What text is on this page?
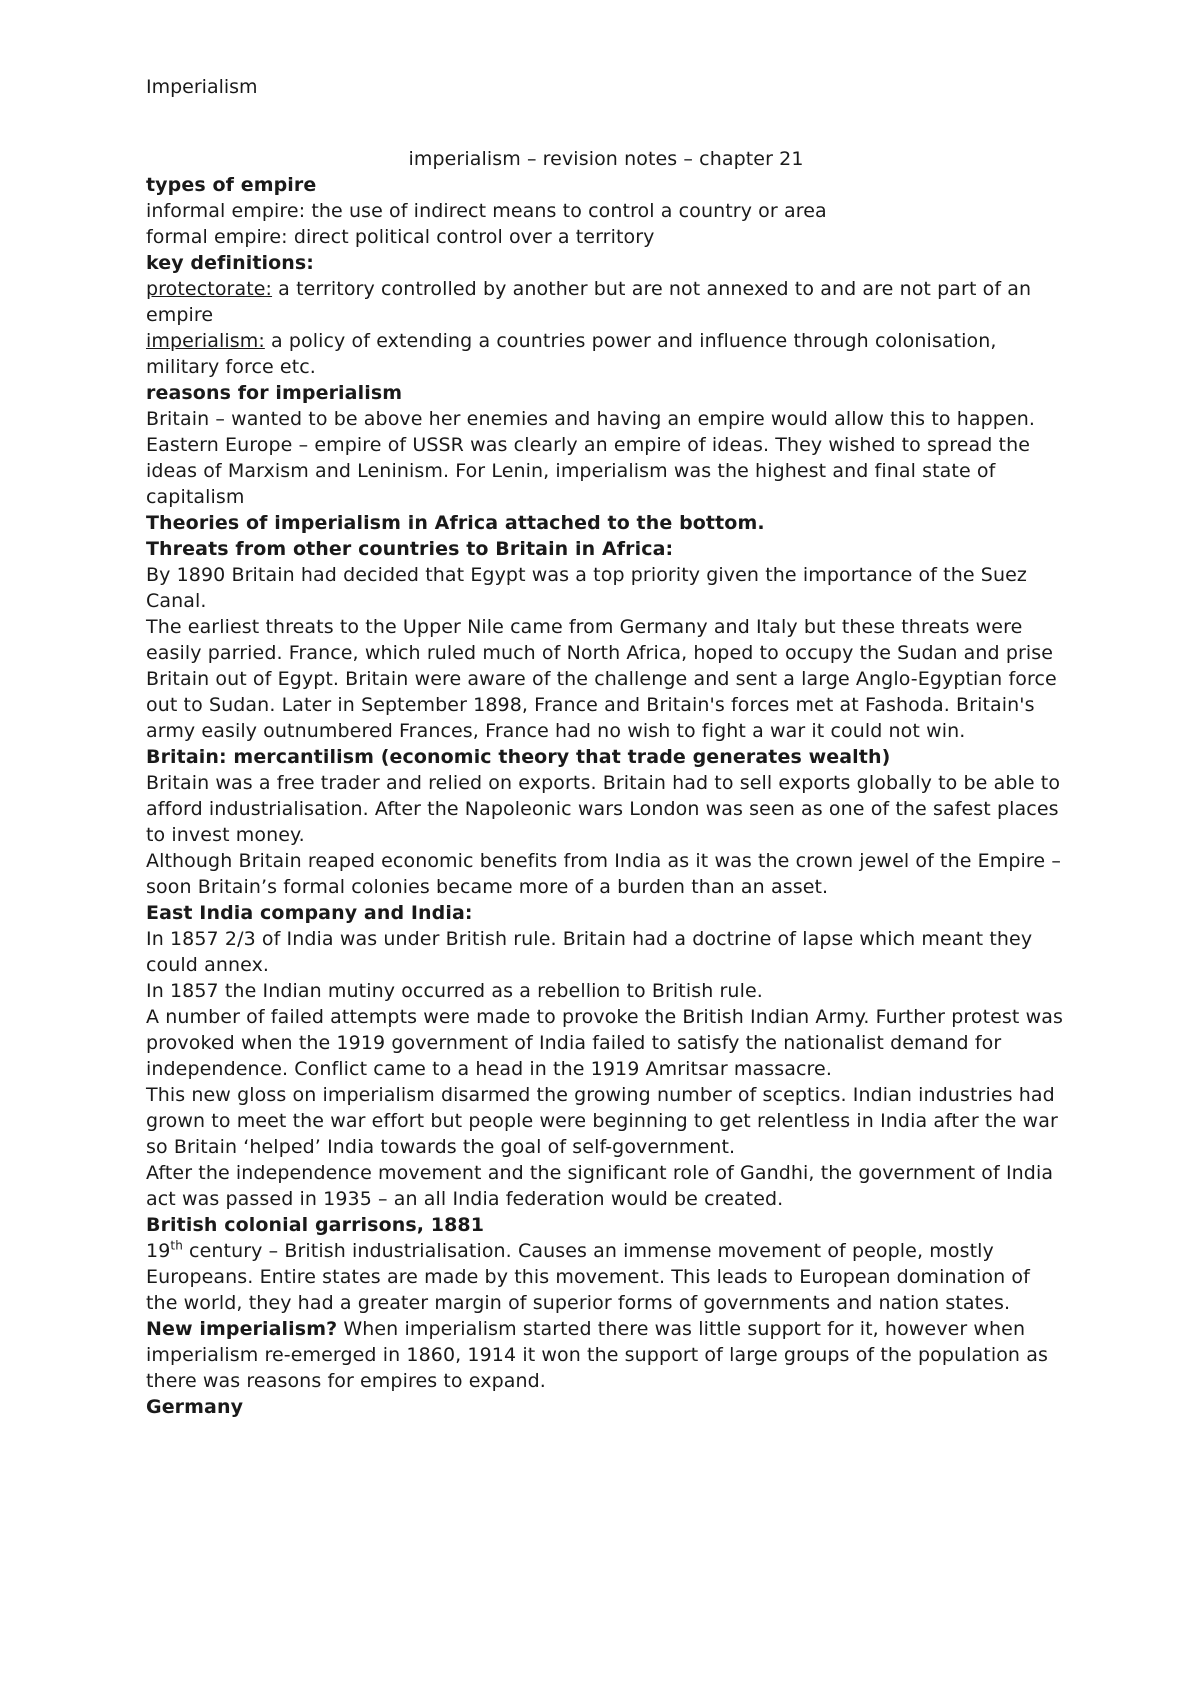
Imperialism

imperialism – revision notes – chapter 21

types of empire

informal empire: the use of indirect means to control a country or area

formal empire: direct political control over a territory

key definitions:

protectorate: a territory controlled by another but are not annexed to and are not part of an empire

imperialism: a policy of extending a countries power and influence through colonisation, military force etc.

reasons for imperialism

Britain – wanted to be above her enemies and having an empire would allow this to happen.

Eastern Europe – empire of USSR was clearly an empire of ideas. They wished to spread the ideas of Marxism and Leninism. For Lenin, imperialism was the highest and final state of capitalism

Theories of imperialism in Africa attached to the bottom.

Threats from other countries to Britain in Africa:

By 1890 Britain had decided that Egypt was a top priority given the importance of the Suez Canal.

The earliest threats to the Upper Nile came from Germany and Italy but these threats were easily parried. France, which ruled much of North Africa, hoped to occupy the Sudan and prise Britain out of Egypt. Britain were aware of the challenge and sent a large Anglo-Egyptian force out to Sudan. Later in September 1898, France and Britain's forces met at Fashoda. Britain's army easily outnumbered Frances, France had no wish to fight a war it could not win.

Britain: mercantilism (economic theory that trade generates wealth)

Britain was a free trader and relied on exports. Britain had to sell exports globally to be able to afford industrialisation. After the Napoleonic wars London was seen as one of the safest places to invest money.

Although Britain reaped economic benefits from India as it was the crown jewel of the Empire – soon Britain’s formal colonies became more of a burden than an asset.

East India company and India:

In 1857 2/3 of India was under British rule. Britain had a doctrine of lapse which meant they could annex.

In 1857 the Indian mutiny occurred as a rebellion to British rule.

A number of failed attempts were made to provoke the British Indian Army. Further protest was provoked when the 1919 government of India failed to satisfy the nationalist demand for independence. Conflict came to a head in the 1919 Amritsar massacre.

This new gloss on imperialism disarmed the growing number of sceptics. Indian industries had grown to meet the war effort but people were beginning to get relentless in India after the war so Britain ‘helped’ India towards the goal of self-government.

After the independence movement and the significant role of Gandhi, the government of India act was passed in 1935 – an all India federation would be created.

British colonial garrisons, 1881

19th century – British industrialisation. Causes an immense movement of people, mostly Europeans. Entire states are made by this movement. This leads to European domination of the world, they had a greater margin of superior forms of governments and nation states.

New imperialism? When imperialism started there was little support for it, however when imperialism re-emerged in 1860, 1914 it won the support of large groups of the population as there was reasons for empires to expand.

Germany
